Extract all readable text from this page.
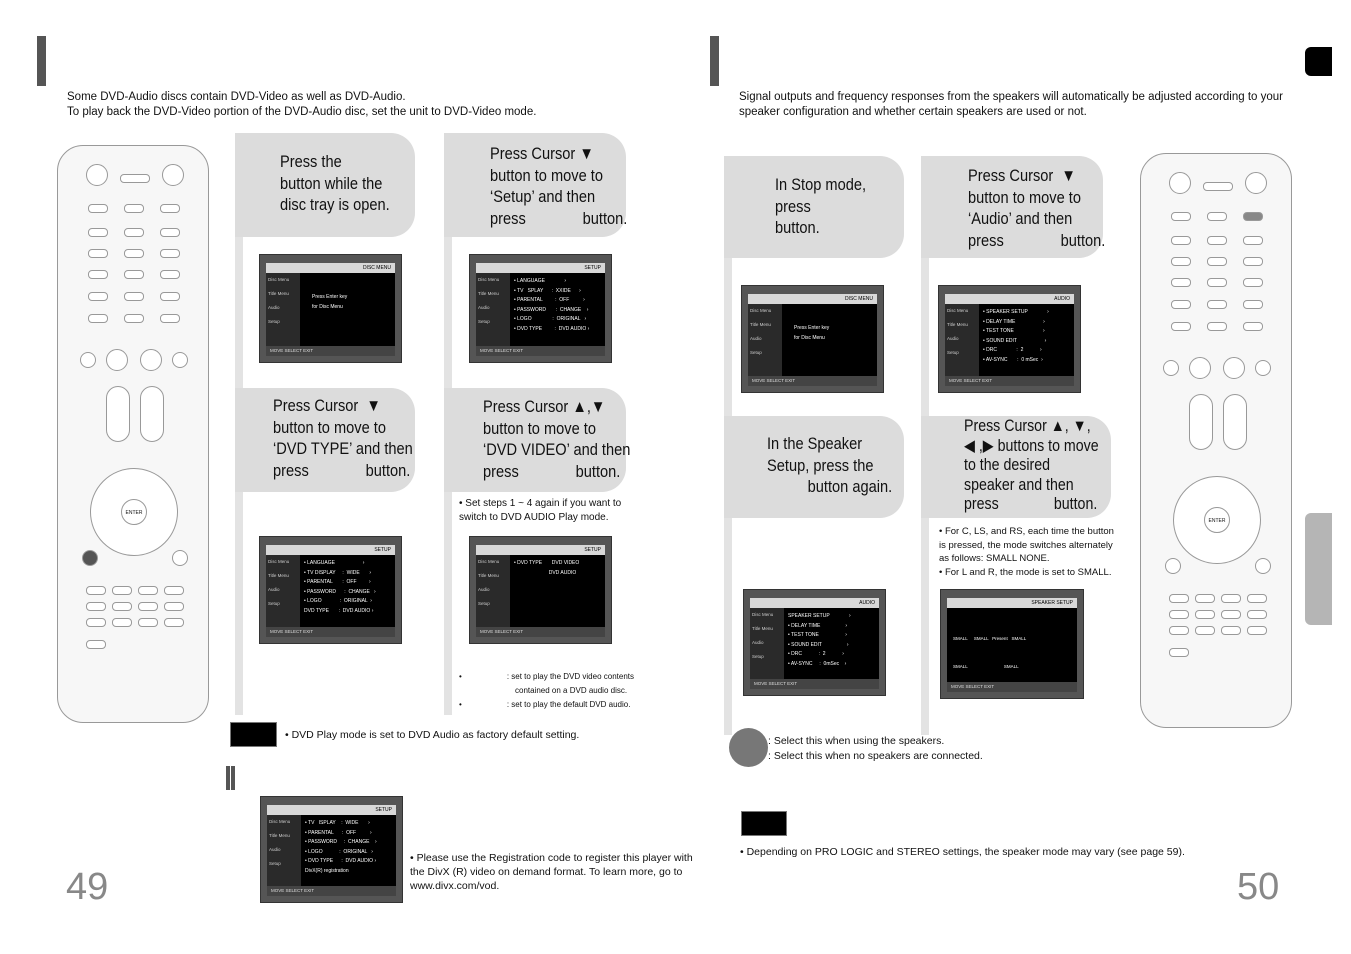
Some DVD-Audio discs contain DVD-Video as well as DVD-Audio.
To play back the DVD-Video portion of the DVD-Audio disc, set the unit to DVD-Video mode.
ENTER
Press the
button while the
disc tray is open.
Press Cursor ▼
button to move to
‘Setup’ and then
press              button.
Press Cursor  ▼
button to move to
‘DVD TYPE’ and then
press              button.
Press Cursor ▲,▼
button to move to
‘DVD VIDEO’ and then
press              button.
DISC MENU
Disc Menu
Title Menu
Audio
Setup
Press Enter key
for Disc Menu
MOVE SELECT EXIT
SETUP
Disc Menu
Title Menu
Audio
Setup
• LANGUAGE              ›
• TV   SPLAY      :  XXIDE      ›
• PARENTAL         :  OFF          ›
• PASSWORD       :  CHANGE    ›
• LOGO               :  ORIGINAL   ›
• DVD TYPE         :  DVD AUDIO ›
MOVE SELECT EXIT
SETUP
Disc Menu
Title Menu
Audio
Setup
• LANGUAGE                    ›
• TV DISPLAY     :  WIDE       ›
• PARENTAL       :  OFF         ›
• PASSWORD      :  CHANGE   ›
• LOGO             :  ORIGINAL  ›
DVD TYPE       :  DVD AUDIO ›
MOVE SELECT EXIT
SETUP
Disc Menu
Title Menu
Audio
Setup
• DVD TYPE       DVD VIDEO
DVD AUDIO
MOVE SELECT EXIT
• Set steps 1 ~ 4 again if you want to switch to DVD AUDIO Play mode.
•	: set to play the DVD video contents
contained on a DVD audio disc.
•	: set to play the default DVD audio.
• DVD Play mode is set to DVD Audio as factory default setting.
SETUP
Disc Menu
Title Menu
Audio
Setup
• TV   ISPLAY    :  WIDE       ›
• PARENTAL      :  OFF          ›
• PASSWORD     :  CHANGE    ›
• LOGO            :  ORIGINAL   ›
• DVD TYPE      :  DVD AUDIO ›
DivX(R) registration
MOVE SELECT EXIT
• Please use the Registration code to register this player with the DivX (R) video on demand format. To learn more, go to www.divx.com/vod.
49
Signal outputs and frequency responses from the speakers will automatically be adjusted according to your
speaker configuration and whether certain speakers are used or not.
In Stop mode,
press
button.
Press Cursor  ▼
button to move to
‘Audio’ and then
press              button.
In the Speaker
Setup, press the
button again.
Press Cursor ▲, ▼,
◀ ,▶ buttons to move
to the desired
speaker and then
press              button.
DISC MENU
Disc Menu
Title Menu
Audio
Setup
Press Enter key
for Disc Menu
MOVE SELECT EXIT
AUDIO
Disc Menu
Title Menu
Audio
Setup
• SPEAKER SETUP              ›
• DELAY TIME                    ›
• TEST TONE                     ›
• SOUND EDIT                    ›
• DRC              :  2            ›
• AV-SYNC       :  0 mSec  ›
MOVE SELECT EXIT
• For C, LS, and RS, each time the button is pressed, the mode switches alternately as follows: SMALL NONE.
• For L and R, the mode is set to SMALL.
AUDIO
Disc Menu
Title Menu
Audio
Setup
SPEAKER SETUP              ›
• DELAY TIME                  ›
• TEST TONE                   ›
• SOUND EDIT                  ›
• DRC            :  2            ›
• AV-SYNC     :  0mSec    ›
MOVE SELECT EXIT
SPEAKER SETUP
SMALL     SMALL   Present   SMALL

SMALL                             SMALL
MOVE SELECT EXIT
: Select this when using the speakers.
: Select this when no speakers are connected.
• Depending on PRO LOGIC and STEREO settings, the speaker mode may vary (see page 59).
ENTER
50
